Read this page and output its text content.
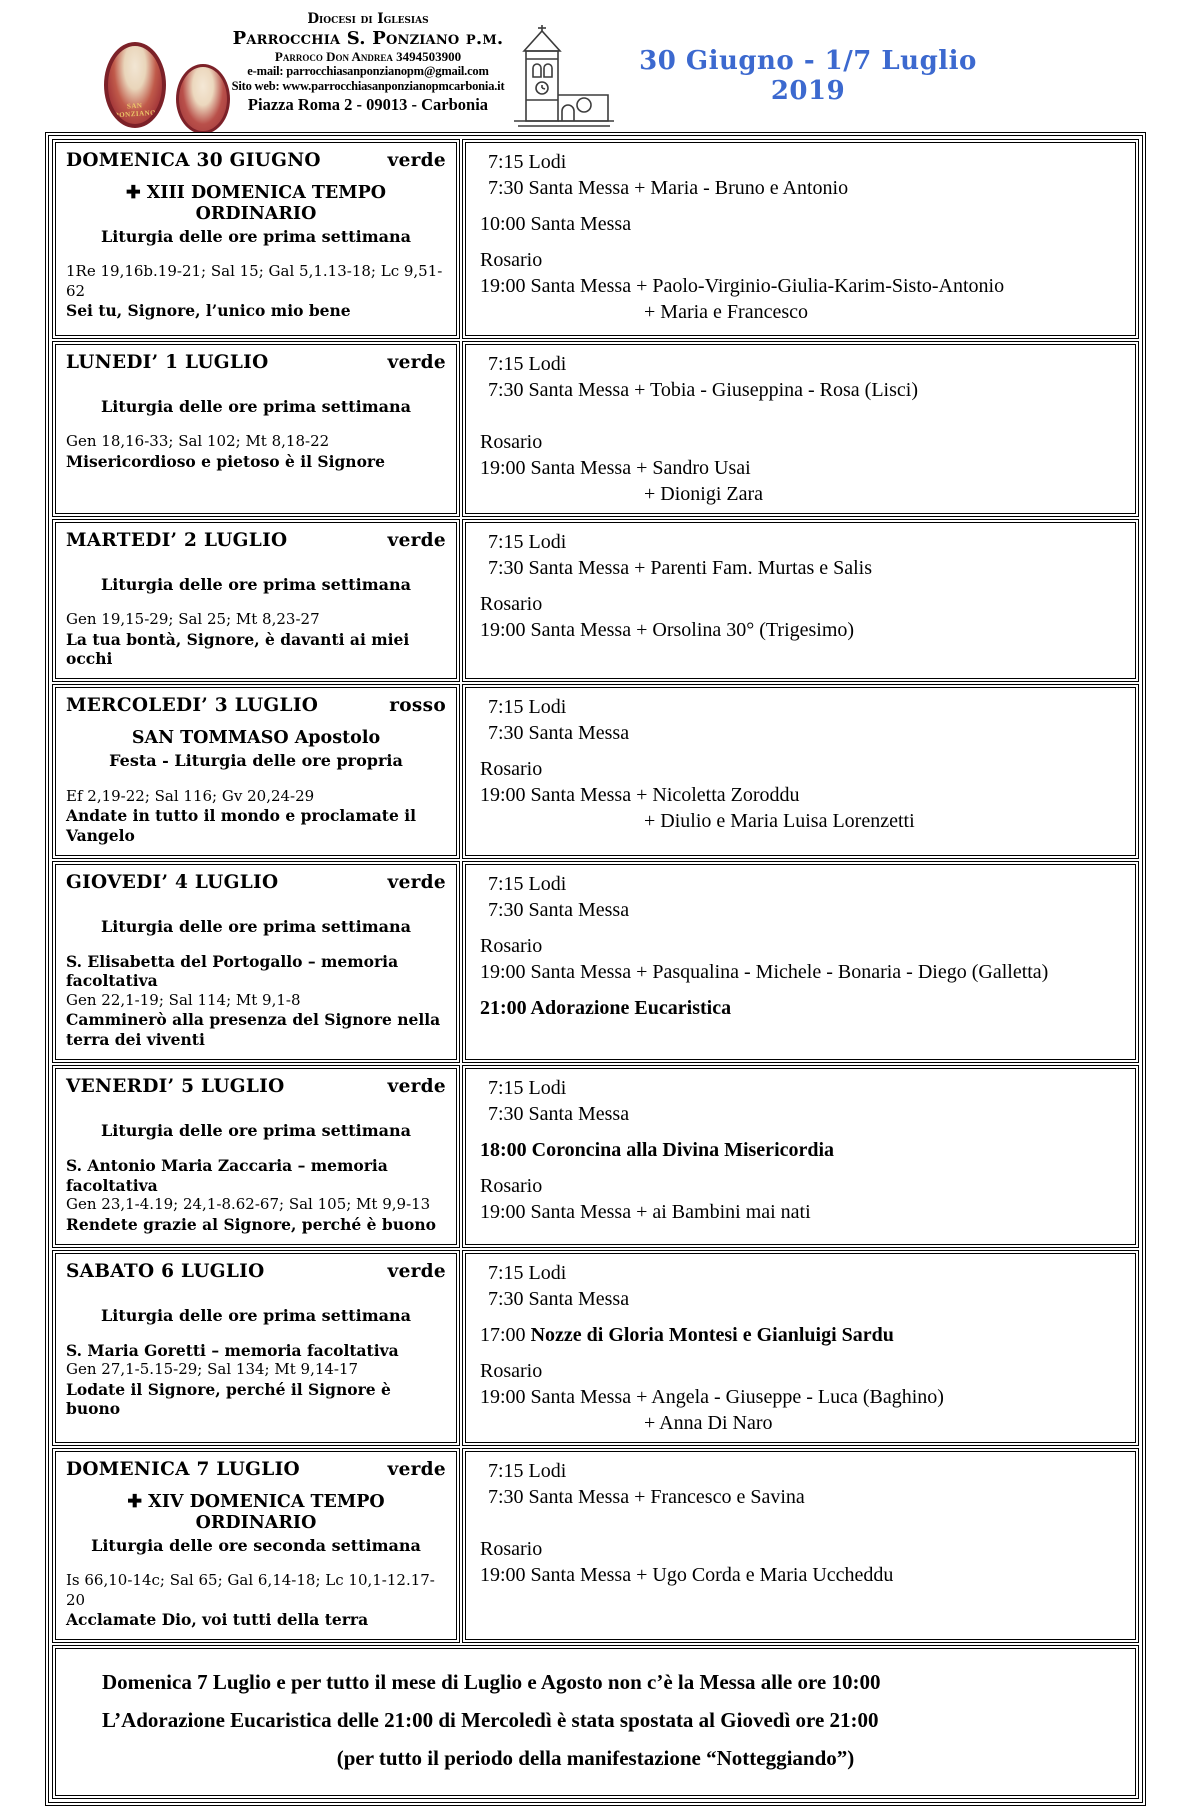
SAN PONZIANO
Diocesi di Iglesias
Parrocchia S. Ponziano p.m.
Parroco Don Andrea 3494503900
e-mail: parrocchiasanponzianopm@gmail.com
Sito web: www.parrocchiasanponzianopmcarbonia.it
Piazza Roma 2 - 09013 - Carbonia
30 Giugno - 1/7 Luglio 2019
DOMENICA 30 GIUGNO	verde
✚ XIII DOMENICA TEMPO ORDINARIO
Liturgia delle ore prima settimana
1Re 19,16b.19-21; Sal 15; Gal 5,1.13-18; Lc 9,51-62
Sei tu, Signore, l’unico mio bene
7:15 Lodi
7:30 Santa Messa + Maria - Bruno e Antonio
10:00 Santa Messa
Rosario
19:00 Santa Messa + Paolo-Virginio-Giulia-Karim-Sisto-Antonio
+ Maria e Francesco
LUNEDI’ 1 LUGLIO	verde
Liturgia delle ore prima settimana
Gen 18,16-33; Sal 102; Mt 8,18-22
Misericordioso e pietoso è il Signore
7:15 Lodi
7:30 Santa Messa + Tobia - Giuseppina - Rosa (Lisci)
Rosario
19:00 Santa Messa + Sandro Usai
+ Dionigi Zara
MARTEDI’ 2 LUGLIO	verde
Liturgia delle ore prima settimana
Gen 19,15-29; Sal 25; Mt 8,23-27
La tua bontà, Signore, è davanti ai miei occhi
7:15 Lodi
7:30 Santa Messa + Parenti Fam. Murtas e Salis
Rosario
19:00 Santa Messa + Orsolina 30° (Trigesimo)
MERCOLEDI’ 3 LUGLIO	rosso
SAN TOMMASO Apostolo
Festa - Liturgia delle ore propria
Ef 2,19-22; Sal 116; Gv 20,24-29
Andate in tutto il mondo e proclamate il Vangelo
7:15 Lodi
7:30 Santa Messa
Rosario
19:00 Santa Messa + Nicoletta Zoroddu
+ Diulio e Maria Luisa Lorenzetti
GIOVEDI’ 4 LUGLIO	verde
Liturgia delle ore prima settimana
S. Elisabetta del Portogallo – memoria facoltativa
Gen 22,1-19; Sal 114; Mt 9,1-8
Camminerò alla presenza del Signore nella terra dei viventi
7:15 Lodi
7:30 Santa Messa
Rosario
19:00 Santa Messa + Pasqualina - Michele - Bonaria - Diego (Galletta)
21:00 Adorazione Eucaristica
VENERDI’ 5 LUGLIO	verde
Liturgia delle ore prima settimana
S. Antonio Maria Zaccaria – memoria facoltativa
Gen 23,1-4.19; 24,1-8.62-67; Sal 105; Mt 9,9-13
Rendete grazie al Signore, perché è buono
7:15 Lodi
7:30 Santa Messa
18:00 Coroncina alla Divina Misericordia
Rosario
19:00 Santa Messa + ai Bambini mai nati
SABATO 6 LUGLIO	verde
Liturgia delle ore prima settimana
S. Maria Goretti – memoria facoltativa
Gen 27,1-5.15-29; Sal 134; Mt 9,14-17
Lodate il Signore, perché il Signore è buono
7:15 Lodi
7:30 Santa Messa
17:00 Nozze di Gloria Montesi e Gianluigi Sardu
Rosario
19:00 Santa Messa + Angela - Giuseppe - Luca (Baghino)
+ Anna Di Naro
DOMENICA 7 LUGLIO	verde
✚ XIV DOMENICA TEMPO ORDINARIO
Liturgia delle ore seconda settimana
Is 66,10-14c; Sal 65; Gal 6,14-18; Lc 10,1-12.17-20
Acclamate Dio, voi tutti della terra
7:15 Lodi
7:30 Santa Messa + Francesco e Savina
Rosario
19:00 Santa Messa + Ugo Corda e Maria Uccheddu

Domenica 7 Luglio e per tutto il mese di Luglio e Agosto non c’è la Messa alle ore 10:00

L’Adorazione Eucaristica delle 21:00 di Mercoledì è stata spostata al Giovedì ore 21:00

(per tutto il periodo della manifestazione “Notteggiando”)
